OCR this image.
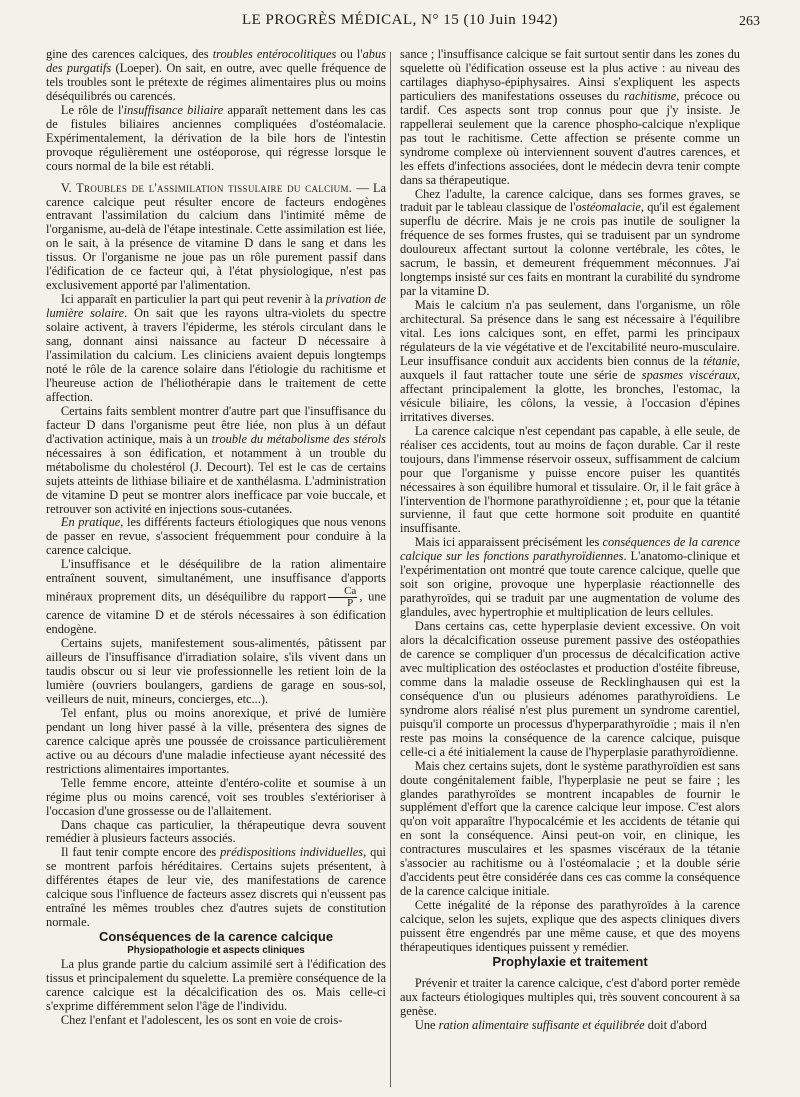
LE PROGRÈS MÉDICAL, N° 15 (10 Juin 1942)	263

gine des carences calciques, des troubles entérocolitiques ou l'abus des purgatifs (Loeper). On sait, en outre, avec quelle fréquence de tels troubles sont le prétexte de régimes alimentaires plus ou moins déséquilibrés ou carencés.

Le rôle de l'insuffisance biliaire apparaît nettement dans les cas de fistules biliaires anciennes compliquées d'ostéomalacie. Expérimentalement, la dérivation de la bile hors de l'intestin provoque régulièrement une ostéoporose, qui régresse lorsque le cours normal de la bile est rétabli.

V. Troubles de l'assimilation tissulaire du calcium. — La carence calcique peut résulter encore de facteurs endogènes entravant l'assimilation du calcium dans l'intimité même de l'organisme, au-delà de l'étape intestinale. Cette assimilation est liée, on le sait, à la présence de vitamine D dans le sang et dans les tissus. Or l'organisme ne joue pas un rôle purement passif dans l'édification de ce facteur qui, à l'état physiologique, n'est pas exclusivement apporté par l'alimentation.

Ici apparaît en particulier la part qui peut revenir à la privation de lumière solaire. On sait que les rayons ultra-violets du spectre solaire activent, à travers l'épiderme, les stérols circulant dans le sang, donnant ainsi naissance au facteur D nécessaire à l'assimilation du calcium. Les cliniciens avaient depuis longtemps noté le rôle de la carence solaire dans l'étiologie du rachitisme et l'heureuse action de l'héliothérapie dans le traitement de cette affection.

Certains faits semblent montrer d'autre part que l'insuffisance du facteur D dans l'organisme peut être liée, non plus à un défaut d'activation actinique, mais à un trouble du métabolisme des stérols nécessaires à son édification, et notamment à un trouble du métabolisme du cholestérol (J. Decourt). Tel est le cas de certains sujets atteints de lithiase biliaire et de xanthélasma. L'administration de vitamine D peut se montrer alors inefficace par voie buccale, et retrouver son activité en injections sous-cutanées.

En pratique, les différents facteurs étiologiques que nous venons de passer en revue, s'associent fréquemment pour conduire à la carence calcique.

L'insuffisance et le déséquilibre de la ration alimentaire entraînent souvent, simultanément, une insuffisance d'apports minéraux proprement dits, un déséquilibre du rapport $\frac{Ca}{P}$ , une carence de vitamine D et de stérols nécessaires à son édification endogène.

Certains sujets, manifestement sous-alimentés, pâtissent par ailleurs de l'insuffisance d'irradiation solaire, s'ils vivent dans un taudis obscur ou si leur vie professionnelle les retient loin de la lumière (ouvriers boulangers, gardiens de garage en sous-sol, veilleurs de nuit, mineurs, concierges, etc...).

Tel enfant, plus ou moins anorexique, et privé de lumière pendant un long hiver passé à la ville, présentera des signes de carence calcique après une poussée de croissance particulièrement active ou au décours d'une maladie infectieuse ayant nécessité des restrictions alimentaires importantes.

Telle femme encore, atteinte d'entéro-colite et soumise à un régime plus ou moins carencé, voit ses troubles s'extérioriser à l'occasion d'une grossesse ou de l'allaitement.

Dans chaque cas particulier, la thérapeutique devra souvent remédier à plusieurs facteurs associés.

Il faut tenir compte encore des prédispositions individuelles, qui se montrent parfois héréditaires. Certains sujets présentent, à différentes étapes de leur vie, des manifestations de carence calcique sous l'influence de facteurs assez discrets qui n'eussent pas entraîné les mêmes troubles chez d'autres sujets de constitution normale.

Conséquences de la carence calcique

Physiopathologie et aspects cliniques

La plus grande partie du calcium assimilé sert à l'édification des tissus et principalement du squelette. La première conséquence de la carence calcique est la décalcification des os. Mais celle-ci s'exprime différemment selon l'âge de l'individu.

Chez l'enfant et l'adolescent, les os sont en voie de crois-

sance ; l'insuffisance calcique se fait surtout sentir dans les zones du squelette où l'édification osseuse est la plus active : au niveau des cartilages diaphyso-épiphysaires. Ainsi s'expliquent les aspects particuliers des manifestations osseuses du rachitisme, précoce ou tardif. Ces aspects sont trop connus pour que j'y insiste. Je rappellerai seulement que la carence phospho-calcique n'explique pas tout le rachitisme. Cette affection se présente comme un syndrome complexe où interviennent souvent d'autres carences, et les effets d'infections associées, dont le médecin devra tenir compte dans sa thérapeutique.

Chez l'adulte, la carence calcique, dans ses formes graves, se traduit par le tableau classique de l'ostéomalacie, qu'il est également superflu de décrire. Mais je ne crois pas inutile de souligner la fréquence de ses formes frustes, qui se traduisent par un syndrome douloureux affectant surtout la colonne vertébrale, les côtes, le sacrum, le bassin, et demeurent fréquemment méconnues. J'ai longtemps insisté sur ces faits en montrant la curabilité du syndrome par la vitamine D.

Mais le calcium n'a pas seulement, dans l'organisme, un rôle architectural. Sa présence dans le sang est nécessaire à l'équilibre vital. Les ions calciques sont, en effet, parmi les principaux régulateurs de la vie végétative et de l'excitabilité neuro-musculaire. Leur insuffisance conduit aux accidents bien connus de la tétanie, auxquels il faut rattacher toute une série de spasmes viscéraux, affectant principalement la glotte, les bronches, l'estomac, la vésicule biliaire, les côlons, la vessie, à l'occasion d'épines irritatives diverses.

La carence calcique n'est cependant pas capable, à elle seule, de réaliser ces accidents, tout au moins de façon durable. Car il reste toujours, dans l'immense réservoir osseux, suffisamment de calcium pour que l'organisme y puisse encore puiser les quantités nécessaires à son équilibre humoral et tissulaire. Or, il le fait grâce à l'intervention de l'hormone parathyroïdienne ; et, pour que la tétanie survienne, il faut que cette hormone soit produite en quantité insuffisante.

Mais ici apparaissent précisément les conséquences de la carence calcique sur les fonctions parathyroïdiennes. L'anatomo-clinique et l'expérimentation ont montré que toute carence calcique, quelle que soit son origine, provoque une hyperplasie réactionnelle des parathyroïdes, qui se traduit par une augmentation de volume des glandules, avec hypertrophie et multiplication de leurs cellules.

Dans certains cas, cette hyperplasie devient excessive. On voit alors la décalcification osseuse purement passive des ostéopathies de carence se compliquer d'un processus de décalcification active avec multiplication des ostéoclastes et production d'ostéite fibreuse, comme dans la maladie osseuse de Recklinghausen qui est la conséquence d'un ou plusieurs adénomes parathyroïdiens. Le syndrome alors réalisé n'est plus purement un syndrome carentiel, puisqu'il comporte un processus d'hyperparathyroïdie ; mais il n'en reste pas moins la conséquence de la carence calcique, puisque celle-ci a été initialement la cause de l'hyperplasie parathyroïdienne.

Mais chez certains sujets, dont le système parathyroïdien est sans doute congénitalement faible, l'hyperplasie ne peut se faire ; les glandes parathyroïdes se montrent incapables de fournir le supplément d'effort que la carence calcique leur impose. C'est alors qu'on voit apparaître l'hypocalcémie et les accidents de tétanie qui en sont la conséquence. Ainsi peut-on voir, en clinique, les contractures musculaires et les spasmes viscéraux de la tétanie s'associer au rachitisme ou à l'ostéomalacie ; et la double série d'accidents peut être considérée dans ces cas comme la conséquence de la carence calcique initiale.

Cette inégalité de la réponse des parathyroïdes à la carence calcique, selon les sujets, explique que des aspects cliniques divers puissent être engendrés par une même cause, et que des moyens thérapeutiques identiques puissent y remédier.

Prophylaxie et traitement

Prévenir et traiter la carence calcique, c'est d'abord porter remède aux facteurs étiologiques multiples qui, très souvent concourent à sa genèse.

Une ration alimentaire suffisante et équilibrée doit d'abord
